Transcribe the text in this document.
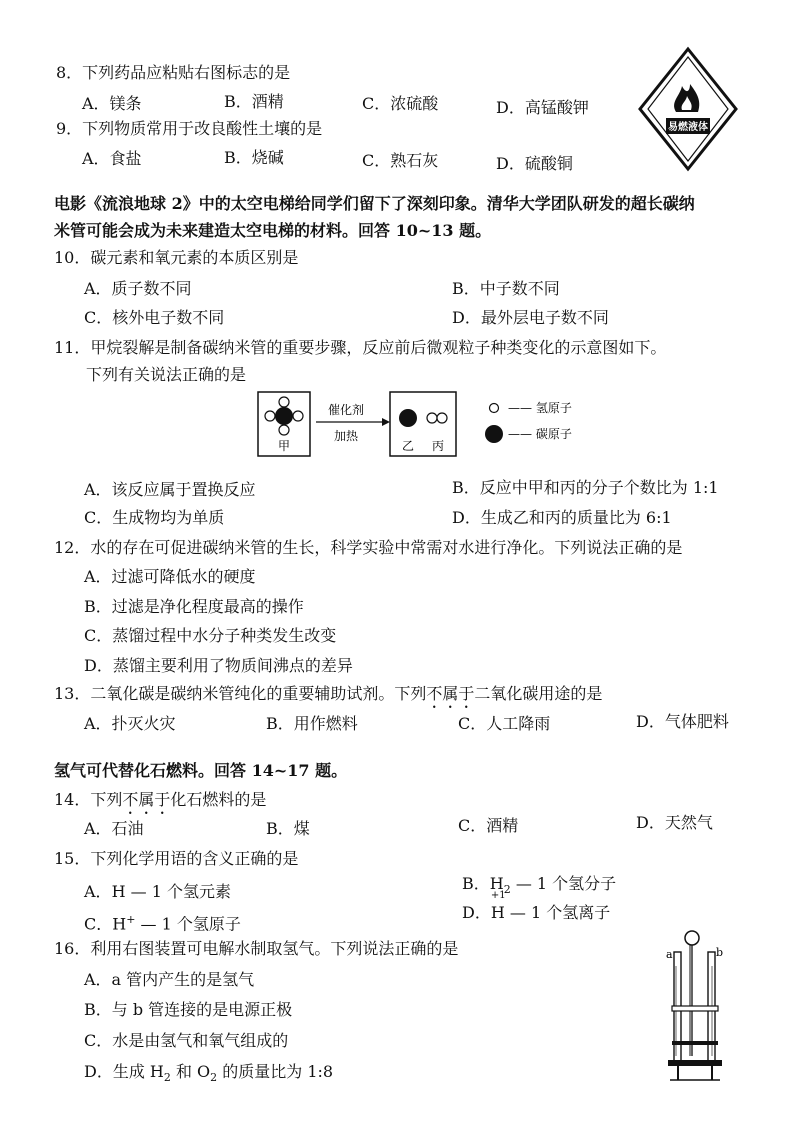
易燃液体
8．下列药品应粘贴右图标志的是
A．镁条	B．酒精	C．浓硫酸	D．高锰酸钾
9．下列物质常用于改良酸性土壤的是
A．食盐	B．烧碱	C．熟石灰	D．硫酸铜
电影《流浪地球 2》中的太空电梯给同学们留下了深刻印象。清华大学团队研发的超长碳纳
米管可能会成为未来建造太空电梯的材料。回答 10~13 题。
10．碳元素和氧元素的本质区别是
A．质子数不同	B．中子数不同
C．核外电子数不同	D．最外层电子数不同
11．甲烷裂解是制备碳纳米管的重要步骤，反应前后微观粒子种类变化的示意图如下。
下列有关说法正确的是
甲
催化剂
加热
乙 丙
—— 氢原子
—— 碳原子
A．该反应属于置换反应	B．反应中甲和丙的分子个数比为 1:1
C．生成物均为单质	D．生成乙和丙的质量比为 6:1
12．水的存在可促进碳纳米管的生长，科学实验中常需对水进行净化。下列说法正确的是
A．过滤可降低水的硬度
B．过滤是净化程度最高的操作
C．蒸馏过程中水分子种类发生改变
D．蒸馏主要利用了物质间沸点的差异
13．二氧化碳是碳纳米管纯化的重要辅助试剂。下列不属于二氧化碳用途的是
A．扑灭火灾	B．用作燃料	C．人工降雨	D．气体肥料
氢气可代替化石燃料。回答 14~17 题。
14．下列不属于化石燃料的是
A．石油	B．煤	C．酒精	D．天然气
15．下列化学用语的含义正确的是
A．H — 1 个氢元素	B．$H_2$ — 1 个氢分子
C．H+ — 1 个氢原子
D．
+1
H — 1 个氢离子
16．利用右图装置可电解水制取氢气。下列说法正确的是
A．a 管内产生的是氢气
B．与 b 管连接的是电源正极
C．水是由氢气和氧气组成的
D．生成 $H_2$ 和 $O_2$ 的质量比为 1:8
a	b
